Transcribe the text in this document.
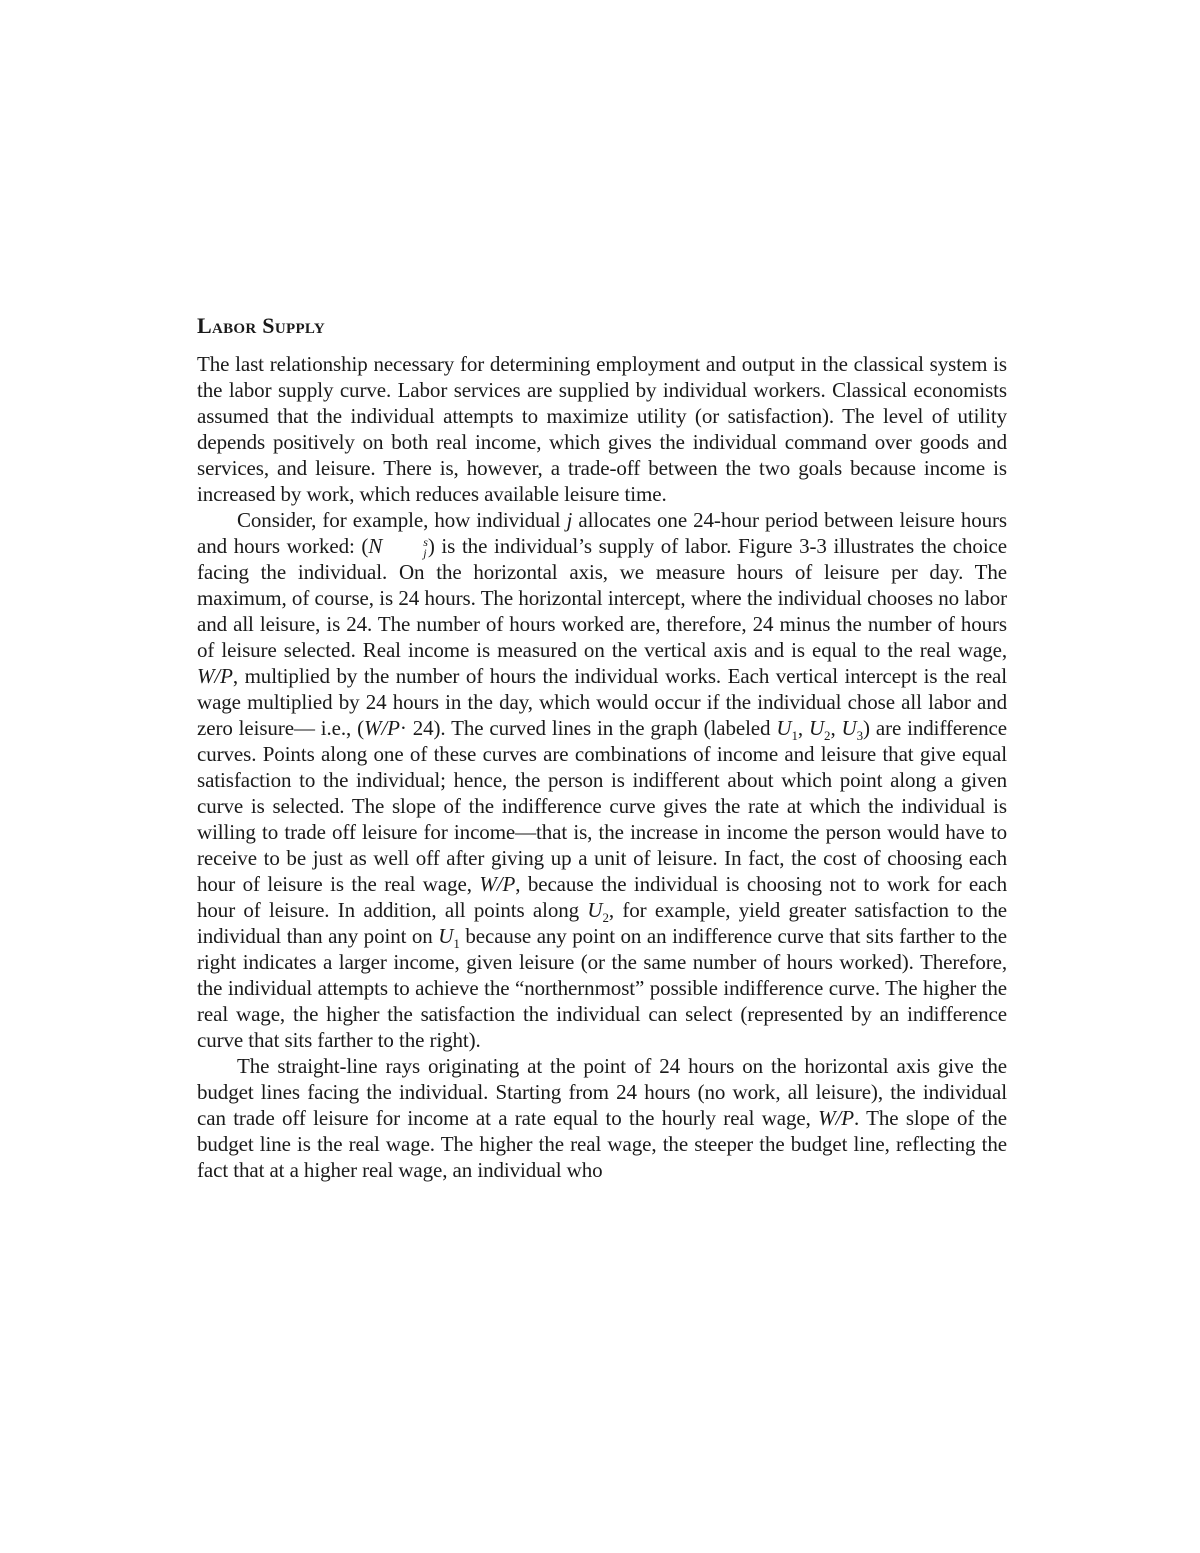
Labor Supply

The last relationship necessary for determining employment and output in the classical system is the labor supply curve. Labor services are supplied by individual workers. Classical economists assumed that the individual attempts to maximize utility (or satisfaction). The level of utility depends positively on both real income, which gives the individual command over goods and services, and leisure. There is, however, a trade-off between the two goals because income is increased by work, which reduces available leisure time.

Consider, for example, how individual j allocates one 24-hour period between leisure hours and hours worked: (N	s
j ) is the individual’s supply of labor. Figure 3-3 illustrates the choice facing the individual. On the horizontal axis, we measure hours of leisure per day. The maximum, of course, is 24 hours. The horizontal intercept, where the individual chooses no labor and all leisure, is 24. The number of hours worked are, therefore, 24 minus the number of hours of leisure selected. Real income is measured on the vertical axis and is equal to the real wage, W/P, multiplied by the number of hours the individual works. Each vertical intercept is the real wage multiplied by 24 hours in the day, which would occur if the individual chose all labor and zero leisure— i.e., (W/P· 24). The curved lines in the graph (labeled $U_1$, $U_2$, $U_3$) are indifference curves. Points along one of these curves are combinations of income and leisure that give equal satisfaction to the individual; hence, the person is indifferent about which point along a given curve is selected. The slope of the indifference curve gives the rate at which the individual is willing to trade off leisure for income—that is, the increase in income the person would have to receive to be just as well off after giving up a unit of leisure. In fact, the cost of choosing each hour of leisure is the real wage, W/P, because the individual is choosing not to work for each hour of leisure. In addition, all points along $U_2$, for example, yield greater satisfaction to the individual than any point on $U_1$ because any point on an indifference curve that sits farther to the right indicates a larger income, given leisure (or the same number of hours worked). Therefore, the individual attempts to achieve the “northernmost” possible indifference curve. The higher the real wage, the higher the satisfaction the individual can select (represented by an indifference curve that sits farther to the right).

The straight-line rays originating at the point of 24 hours on the horizontal axis give the budget lines facing the individual. Starting from 24 hours (no work, all leisure), the individual can trade off leisure for income at a rate equal to the hourly real wage, W/P. The slope of the budget line is the real wage. The higher the real wage, the steeper the budget line, reflecting the fact that at a higher real wage, an individual who
